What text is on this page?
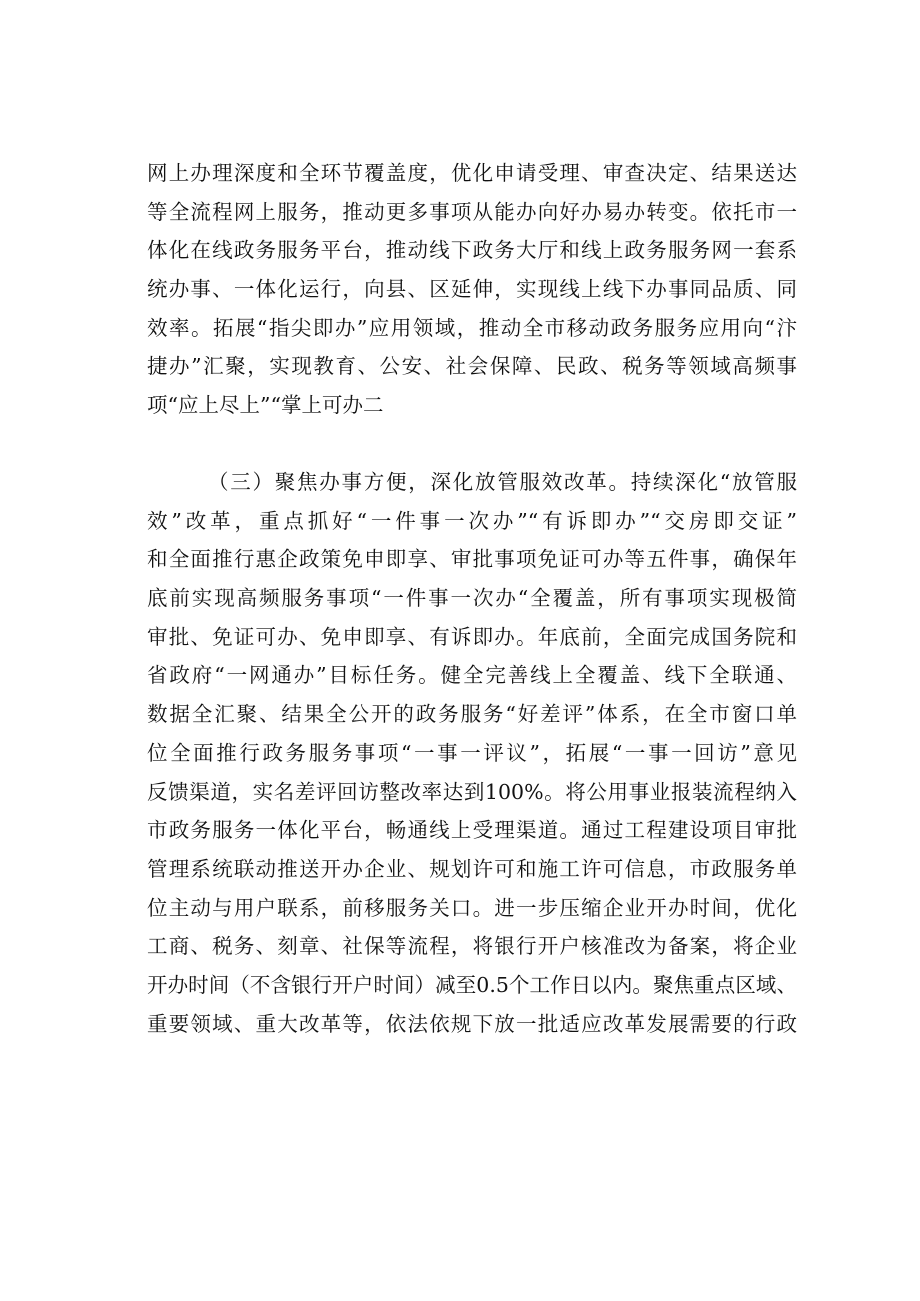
网上办理深度和全环节覆盖度，优化申请受理、审查决定、结果送达
等全流程网上服务，推动更多事项从能办向好办易办转变。依托市一
体化在线政务服务平台，推动线下政务大厅和线上政务服务网一套系
统办事、一体化运行，向县、区延伸，实现线上线下办事同品质、同
效率。拓展“指尖即办”应用领域，推动全市移动政务服务应用向“汴
捷办”汇聚，实现教育、公安、社会保障、民政、税务等领域高频事
项“应上尽上”“掌上可办二
（三）聚焦办事方便，深化放管服效改革。持续深化“放管服
效”改革，重点抓好“一件事一次办”“有诉即办”“交房即交证”
和全面推行惠企政策免申即享、审批事项免证可办等五件事，确保年
底前实现高频服务事项“一件事一次办“全覆盖，所有事项实现极简
审批、免证可办、免申即享、有诉即办。年底前，全面完成国务院和
省政府“一网通办”目标任务。健全完善线上全覆盖、线下全联通、
数据全汇聚、结果全公开的政务服务“好差评”体系，在全市窗口单
位全面推行政务服务事项“一事一评议”，拓展“一事一回访”意见
反馈渠道，实名差评回访整改率达到100%。将公用事业报装流程纳入
市政务服务一体化平台，畅通线上受理渠道。通过工程建设项目审批
管理系统联动推送开办企业、规划许可和施工许可信息，市政服务单
位主动与用户联系，前移服务关口。进一步压缩企业开办时间，优化
工商、税务、刻章、社保等流程，将银行开户核准改为备案，将企业
开办时间（不含银行开户时间）减至0.5个工作日以内。聚焦重点区域、
重要领域、重大改革等，依法依规下放一批适应改革发展需要的行政
